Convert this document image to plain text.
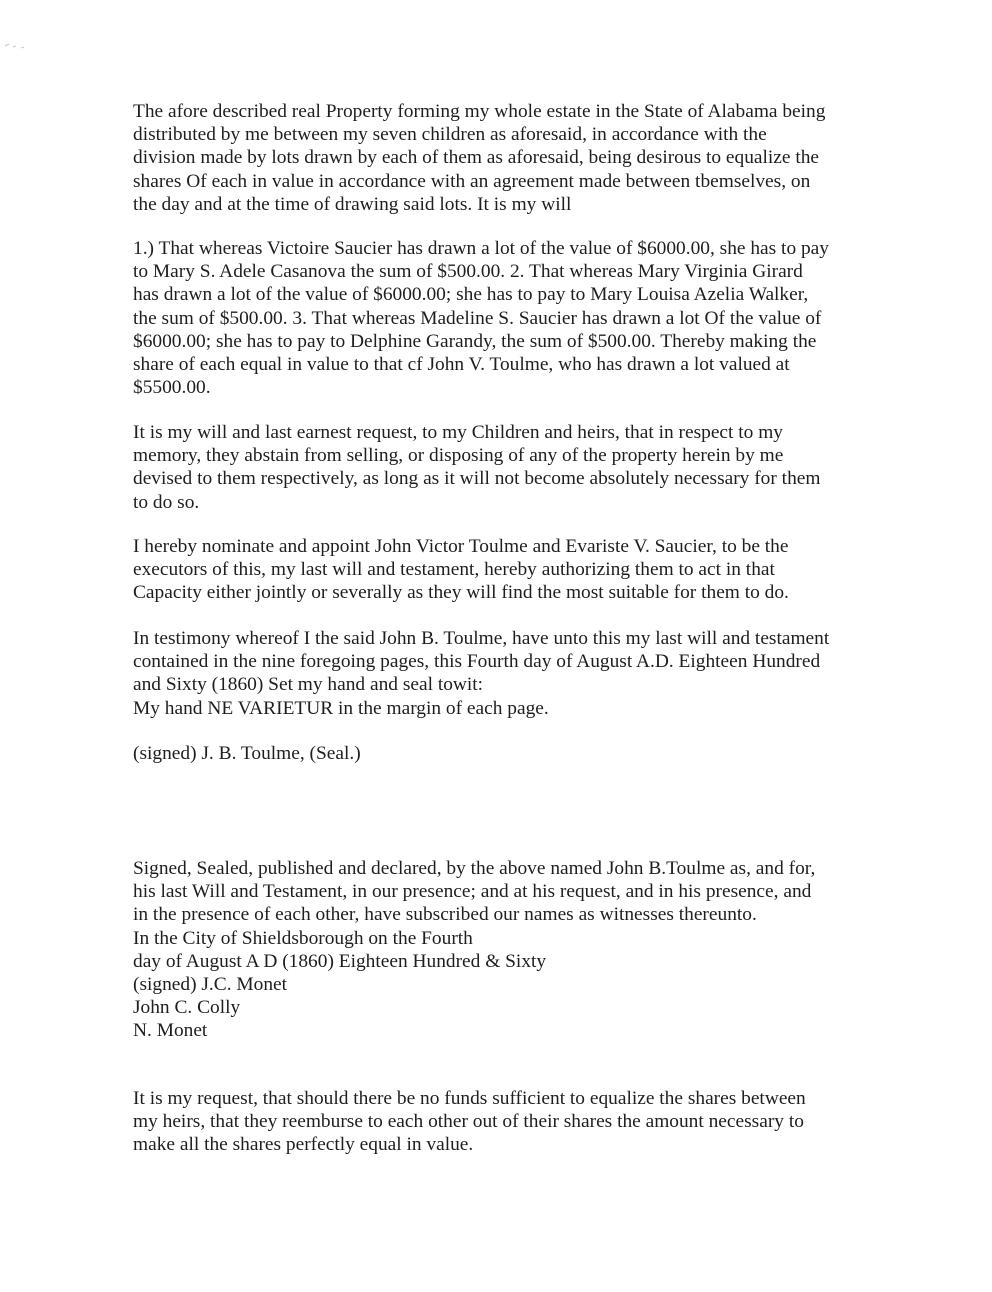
The afore described real Property forming my whole estate in the State of Alabama being
distributed by me between my seven children as aforesaid, in accordance with the
division made by lots drawn by each of them as aforesaid, being desirous to equalize the
shares Of each in value in accordance with an agreement made between tbemselves, on
the day and at the time of drawing said lots. It is my will

1.) That whereas Victoire Saucier has drawn a lot of the value of $6000.00, she has to pay
to Mary S. Adele Casanova the sum of $500.00. 2. That whereas Mary Virginia Girard
has drawn a lot of the value of $6000.00; she has to pay to Mary Louisa Azelia Walker,
the sum of $500.00. 3. That whereas Madeline S. Saucier has drawn a lot Of the value of
$6000.00; she has to pay to Delphine Garandy, the sum of $500.00. Thereby making the
share of each equal in value to that cf John V. Toulme, who has drawn a lot valued at
$5500.00.

It is my will and last earnest request, to my Children and heirs, that in respect to my
memory, they abstain from selling, or disposing of any of the property herein by me
devised to them respectively, as long as it will not become absolutely necessary for them
to do so.

I hereby nominate and appoint John Victor Toulme and Evariste V. Saucier, to be the
executors of this, my last will and testament, hereby authorizing them to act in that
Capacity either jointly or severally as they will find the most suitable for them to do.

In testimony whereof I the said John B. Toulme, have unto this my last will and testament
contained in the nine foregoing pages, this Fourth day of August A.D. Eighteen Hundred
and Sixty (1860) Set my hand and seal towit:
My hand NE VARIETUR in the margin of each page.

(signed) J. B. Toulme, (Seal.)

Signed, Sealed, published and declared, by the above named John B.Toulme as, and for,
his last Will and Testament, in our presence; and at his request, and in his presence, and
in the presence of each other, have subscribed our names as witnesses thereunto.
In the City of Shieldsborough on the Fourth
day of August A D (1860) Eighteen Hundred & Sixty
(signed) J.C. Monet
John C. Colly
N. Monet

It is my request, that should there be no funds sufficient to equalize the shares between
my heirs, that they reemburse to each other out of their shares the amount necessary to
make all the shares perfectly equal in value.
